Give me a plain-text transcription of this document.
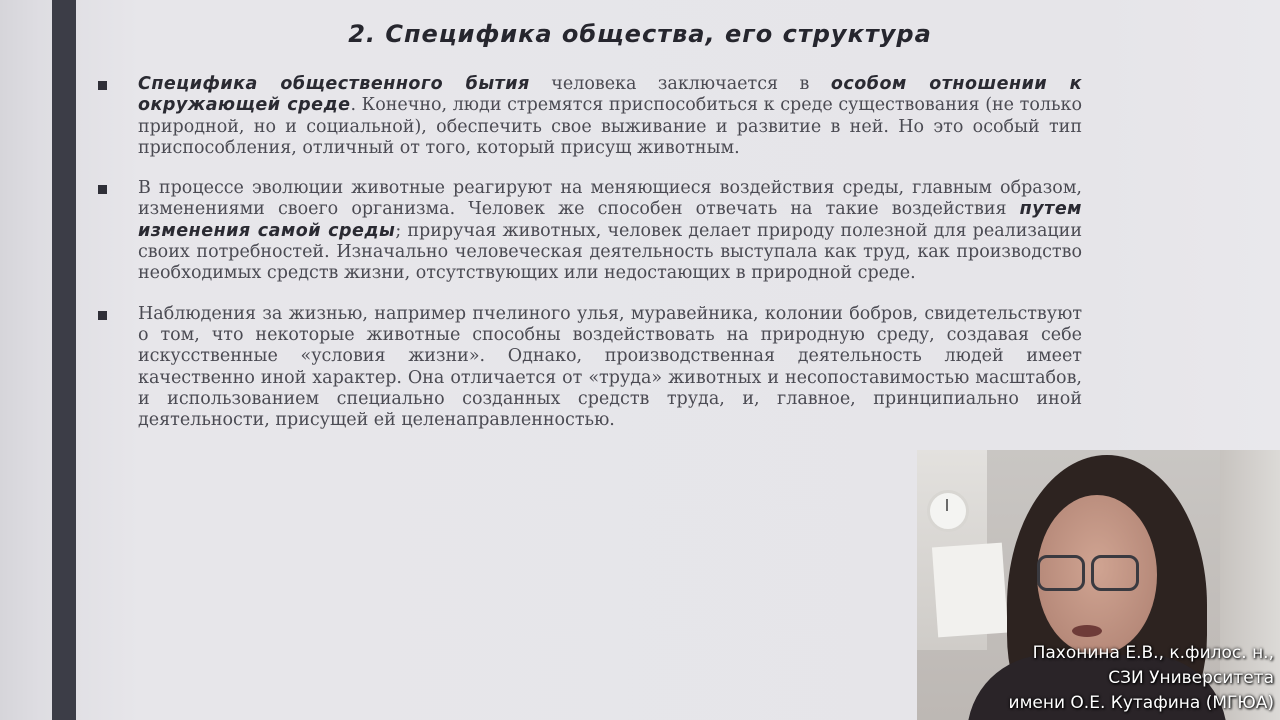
2. Специфика общества, его структура
Специфика общественного бытия человека заключается в особом отношении к окружающей среде. Конечно, люди стремятся приспособиться к среде существования (не только природной, но и социальной), обеспечить свое выживание и развитие в ней. Но это особый тип приспособления, отличный от того, который присущ животным.
В процессе эволюции животные реагируют на меняющиеся воздействия среды, главным образом, изменениями своего организма. Человек же способен отвечать на такие воздействия путем изменения самой среды; приручая животных, человек делает природу полезной для реализации своих потребностей. Изначально человеческая деятельность выступала как труд, как производство необходимых средств жизни, отсутствующих или недостающих в природной среде.
Наблюдения за жизнью, например пчелиного улья, муравейника, колонии бобров, свидетельствуют о том, что некоторые животные способны воздействовать на природную среду, создавая себе искусственные «условия жизни». Однако, производственная деятельность людей имеет качественно иной характер. Она отличается от «труда» животных и несопоставимостью масштабов, и использованием специально созданных средств труда, и, главное, принципиально иной деятельности, присущей ей целенаправленностью.
Пахонина Е.В., к.филос. н.,
СЗИ Университета
имени О.Е. Кутафина (МГЮА)
